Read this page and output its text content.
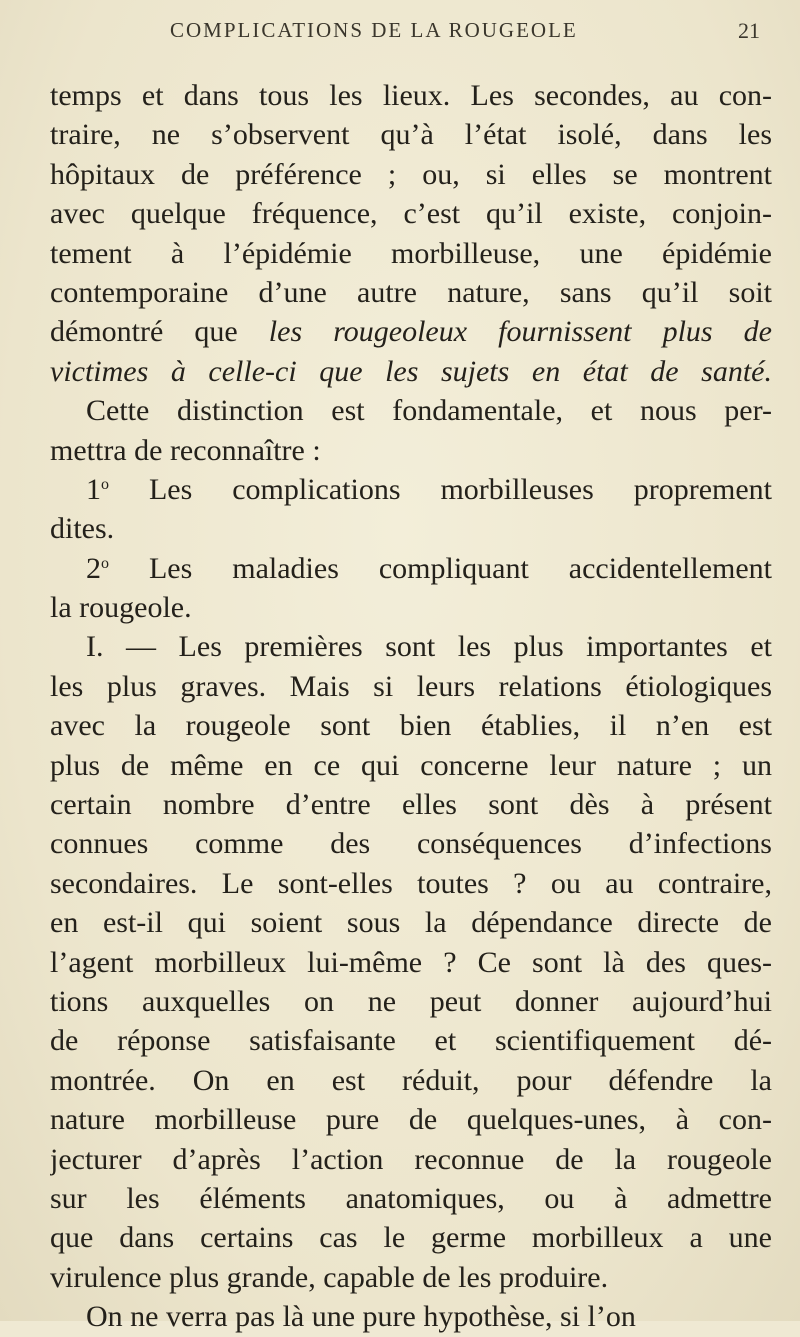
COMPLICATIONS DE LA ROUGEOLE	21
temps et dans tous les lieux. Les secondes, au con-
traire, ne s’observent qu’à l’état isolé, dans les
hôpitaux de préférence ; ou, si elles se montrent
avec quelque fréquence, c’est qu’il existe, conjoin-
tement à l’épidémie morbilleuse, une épidémie
contemporaine d’une autre nature, sans qu’il soit
démontré que les rougeoleux fournissent plus de
victimes à celle-ci que les sujets en état de santé.
Cette distinction est fondamentale, et nous per-
mettra de reconnaître :
1$^o$ Les complications morbilleuses proprement
dites.
2$^o$ Les maladies compliquant accidentellement
la rougeole.
I. — Les premières sont les plus importantes et
les plus graves. Mais si leurs relations étiologiques
avec la rougeole sont bien établies, il n’en est
plus de même en ce qui concerne leur nature ; un
certain nombre d’entre elles sont dès à présent
connues comme des conséquences d’infections
secondaires. Le sont-elles toutes ? ou au contraire,
en est-il qui soient sous la dépendance directe de
l’agent morbilleux lui-même ? Ce sont là des ques-
tions auxquelles on ne peut donner aujourd’hui
de réponse satisfaisante et scientifiquement dé-
montrée. On en est réduit, pour défendre la
nature morbilleuse pure de quelques-unes, à con-
jecturer d’après l’action reconnue de la rougeole
sur les éléments anatomiques, ou à admettre
que dans certains cas le germe morbilleux a une
virulence plus grande, capable de les produire.
On ne verra pas là une pure hypothèse, si l’on
